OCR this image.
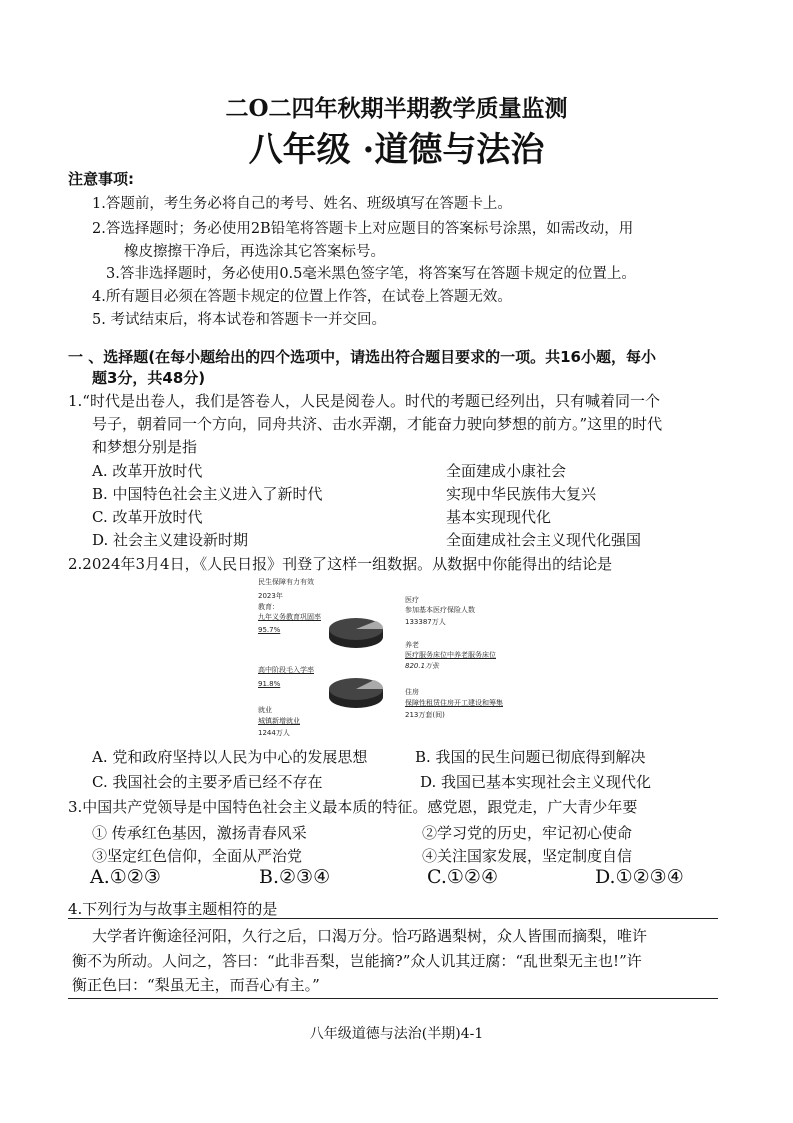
二O二四年秋期半期教学质量监测
八年级 ·道德与法治
注意事项:
1.答题前，考生务必将自己的考号、姓名、班级填写在答题卡上。
2.答选择题时；务必使用2B铅笔将答题卡上对应题目的答案标号涂黑，如需改动，用
橡皮擦擦干净后，再选涂其它答案标号。
3.答非选择题时，务必使用0.5毫米黑色签字笔，将答案写在答题卡规定的位置上。
4.所有题目必须在答题卡规定的位置上作答，在试卷上答题无效。
5. 考试结束后，将本试卷和答题卡一并交回。
一 、选择题(在每小题给出的四个选项中，请选出符合题目要求的一项。共16小题，每小
题3分，共48分)
1.“时代是出卷人，我们是答卷人，人民是阅卷人。时代的考题已经列出，只有喊着同一个
号子，朝着同一个方向，同舟共济、击水弄潮，才能奋力驶向梦想的前方。”这里的时代
和梦想分别是指
A. 改革开放时代	全面建成小康社会
B. 中国特色社会主义进入了新时代	实现中华民族伟大复兴
C. 改革开放时代	基本实现现代化
D. 社会主义建设新时期	全面建成社会主义现代化强国
2.2024年3月4日，《人民日报》刊登了这样一组数据。从数据中你能得出的结论是
民生保障有力有效
2023年
教育：
九年义务教育巩固率
95.7%
高中阶段毛入学率
91.8%
就业
城镇新增就业
1244万人
医疗
参加基本医疗保险人数
133387万人
养老
医疗服务床位中养老服务床位
820.1万张
住房
保障性租赁住房开工建设和筹集
213万套(间)
A. 党和政府坚持以人民为中心的发展思想	B. 我国的民生问题已彻底得到解决
C. 我国社会的主要矛盾已经不存在	D. 我国已基本实现社会主义现代化
3.中国共产党领导是中国特色社会主义最本质的特征。感党恩，跟党走，广大青少年要
① 传承红色基因，激扬青春风采	②学习党的历史，牢记初心使命
③坚定红色信仰，全面从严治党	④关注国家发展，坚定制度自信
A.①②③	B.②③④	C.①②④	D.①②③④
4.下列行为与故事主题相符的是
大学者许衡途径河阳，久行之后，口渴万分。恰巧路遇梨树，众人皆围而摘梨，唯许
衡不为所动。人问之，答曰：“此非吾梨，岂能摘?”众人讥其迂腐：“乱世梨无主也!”许
衡正色曰：“梨虽无主，而吾心有主。”
八年级道德与法治(半期)4-1
